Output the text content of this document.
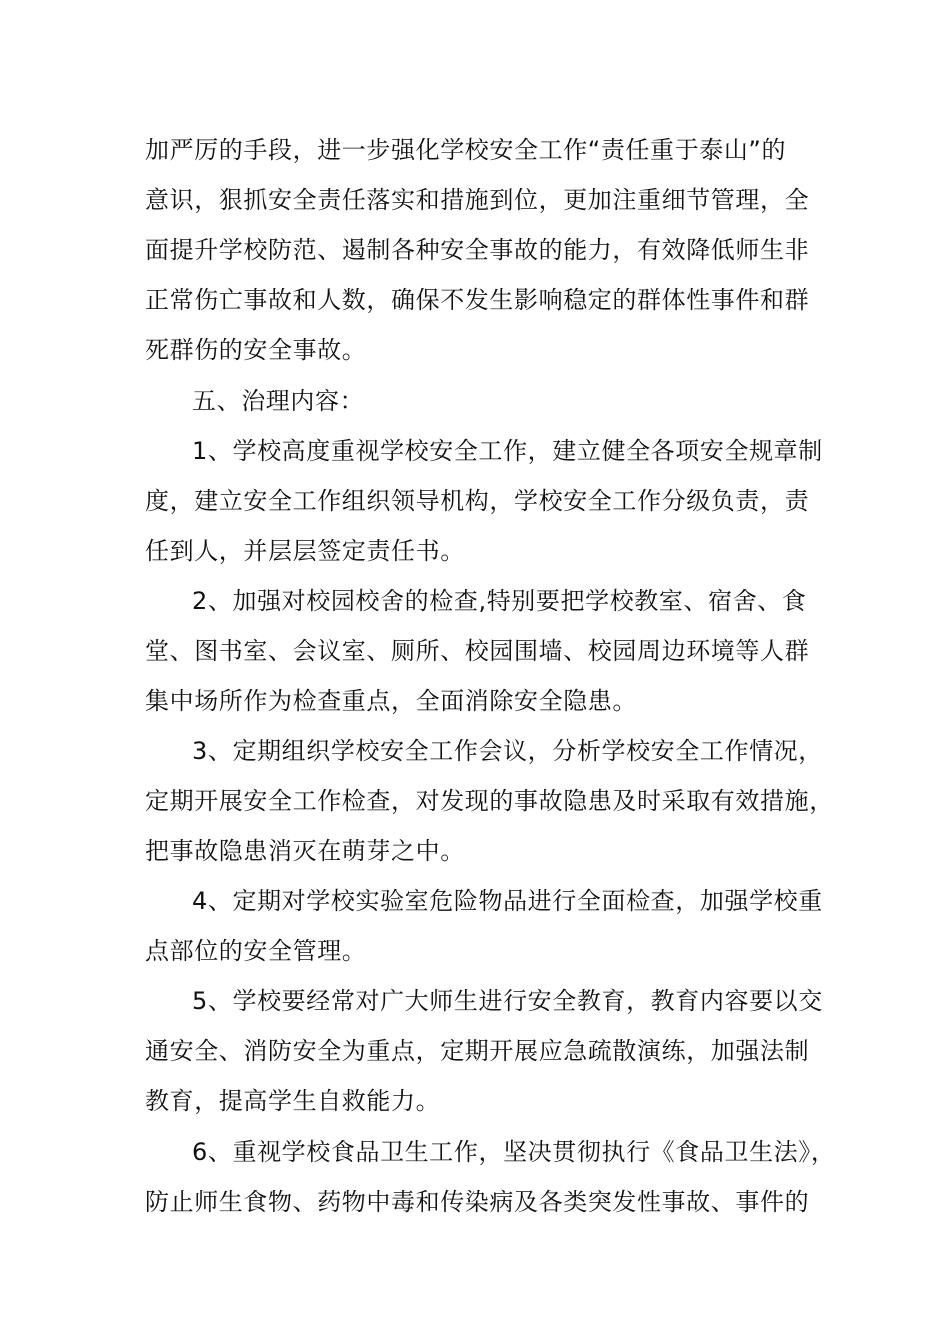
加严厉的手段，进一步强化学校安全工作“责任重于泰山”的
意识，狠抓安全责任落实和措施到位，更加注重细节管理，全
面提升学校防范、遏制各种安全事故的能力，有效降低师生非
正常伤亡事故和人数，确保不发生影响稳定的群体性事件和群
死群伤的安全事故。
五、治理内容：
1、学校高度重视学校安全工作，建立健全各项安全规章制
度，建立安全工作组织领导机构，学校安全工作分级负责，责
任到人，并层层签定责任书。
2、加强对校园校舍的检查,特别要把学校教室、宿舍、食
堂、图书室、会议室、厕所、校园围墙、校园周边环境等人群
集中场所作为检查重点，全面消除安全隐患。
3、定期组织学校安全工作会议，分析学校安全工作情况，
定期开展安全工作检查，对发现的事故隐患及时采取有效措施，
把事故隐患消灭在萌芽之中。
4、定期对学校实验室危险物品进行全面检查，加强学校重
点部位的安全管理。
5、学校要经常对广大师生进行安全教育，教育内容要以交
通安全、消防安全为重点，定期开展应急疏散演练，加强法制
教育，提高学生自救能力。
6、重视学校食品卫生工作，坚决贯彻执行《食品卫生法》，
防止师生食物、药物中毒和传染病及各类突发性事故、事件的
